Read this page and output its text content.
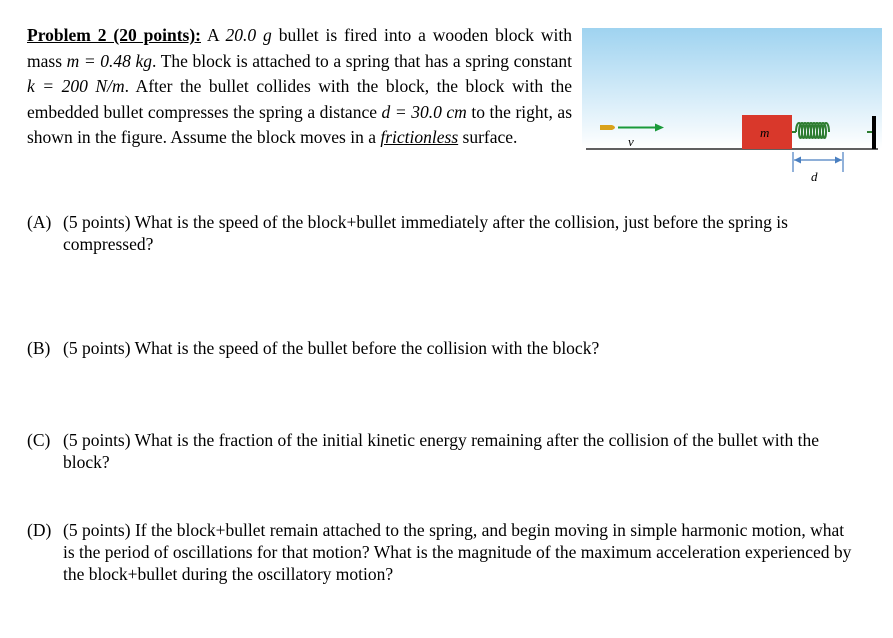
Problem 2 (20 points): A 20.0 g bullet is fired into a wooden block with mass m = 0.48 kg. The block is attached to a spring that has a spring constant k = 200 N/m. After the bullet collides with the block, the block with the embedded bullet compresses the spring a distance d = 30.0 cm to the right, as shown in the figure. Assume the block moves in a frictionless surface.	v
m
d
(A) (5 points) What is the speed of the block+bullet immediately after the collision, just before the spring is compressed?
(B) (5 points) What is the speed of the bullet before the collision with the block?
(C) (5 points) What is the fraction of the initial kinetic energy remaining after the collision of the bullet with the block?
(D) (5 points) If the block+bullet remain attached to the spring, and begin moving in simple harmonic motion, what is the period of oscillations for that motion? What is the magnitude of the maximum acceleration experienced by the block+bullet during the oscillatory motion?
